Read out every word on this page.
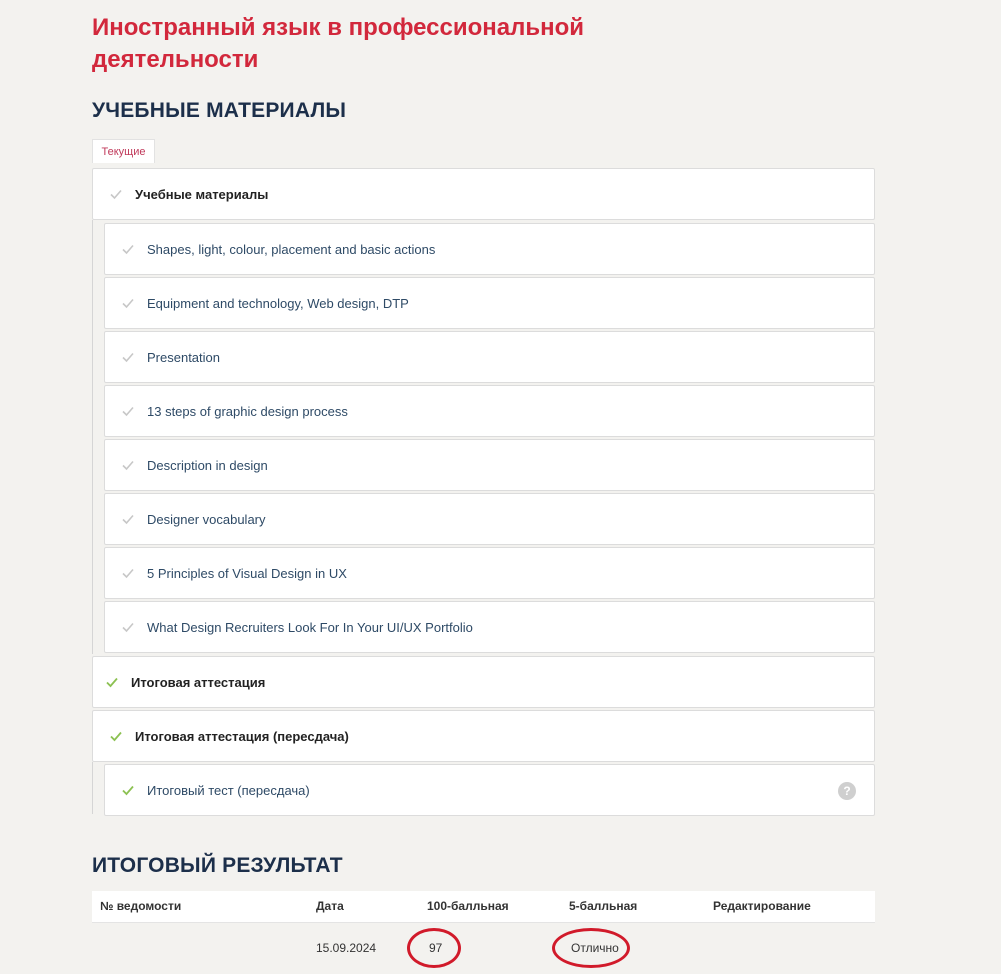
Иностранный язык в профессиональной деятельности
УЧЕБНЫЕ МАТЕРИАЛЫ
Текущие
Учебные материалы
Shapes, light, colour, placement and basic actions
Equipment and technology, Web design, DTP
Presentation
13 steps of graphic design process
Description in design
Designer vocabulary
5 Principles of Visual Design in UX
What Design Recruiters Look For In Your UI/UX Portfolio
Итоговая аттестация
Итоговая аттестация (пересдача)
Итоговый тест (пересдача)	?
ИТОГОВЫЙ РЕЗУЛЬТАТ
№ ведомости	Дата	100-балльная	5-балльная	Редактирование
	15.09.2024	97	Отлично
